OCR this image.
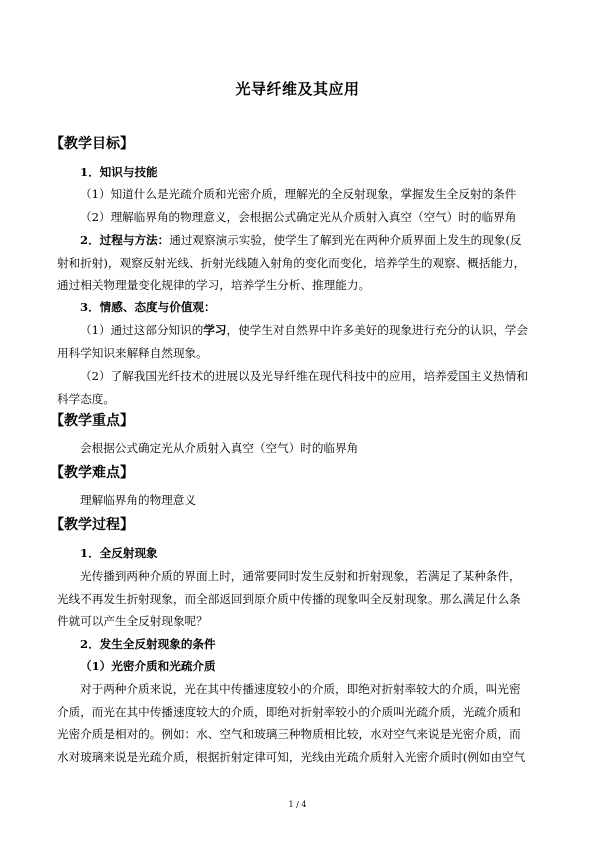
光导纤维及其应用
【教学目标】
1．知识与技能
（1）知道什么是光疏介质和光密介质，理解光的全反射现象，掌握发生全反射的条件
（2）理解临界角的物理意义，会根据公式确定光从介质射入真空（空气）时的临界角
2．过程与方法：通过观察演示实验，使学生了解到光在两种介质界面上发生的现象(反
射和折射)，观察反射光线、折射光线随入射角的变化而变化，培养学生的观察、概括能力，
通过相关物理量变化规律的学习，培养学生分析、推理能力。
3．情感、态度与价值观：
（1）通过这部分知识的学习，使学生对自然界中许多美好的现象进行充分的认识，学会
用科学知识来解释自然现象。
（2）了解我国光纤技术的进展以及光导纤维在现代科技中的应用，培养爱国主义热情和
科学态度。
【教学重点】
会根据公式确定光从介质射入真空（空气）时的临界角
【教学难点】
理解临界角的物理意义
【教学过程】
1．全反射现象
光传播到两种介质的界面上时，通常要同时发生反射和折射现象，若满足了某种条件，
光线不再发生折射现象，而全部返回到原介质中传播的现象叫全反射现象。那么满足什么条
件就可以产生全反射现象呢？
2．发生全反射现象的条件
（1）光密介质和光疏介质
对于两种介质来说，光在其中传播速度较小的介质，即绝对折射率较大的介质，叫光密
介质，而光在其中传播速度较大的介质，即绝对折射率较小的介质叫光疏介质，光疏介质和
光密介质是相对的。例如：水、空气和玻璃三种物质相比较，水对空气来说是光密介质，而
水对玻璃来说是光疏介质，根据折射定律可知，光线由光疏介质射入光密介质时(例如由空气
1 / 4
